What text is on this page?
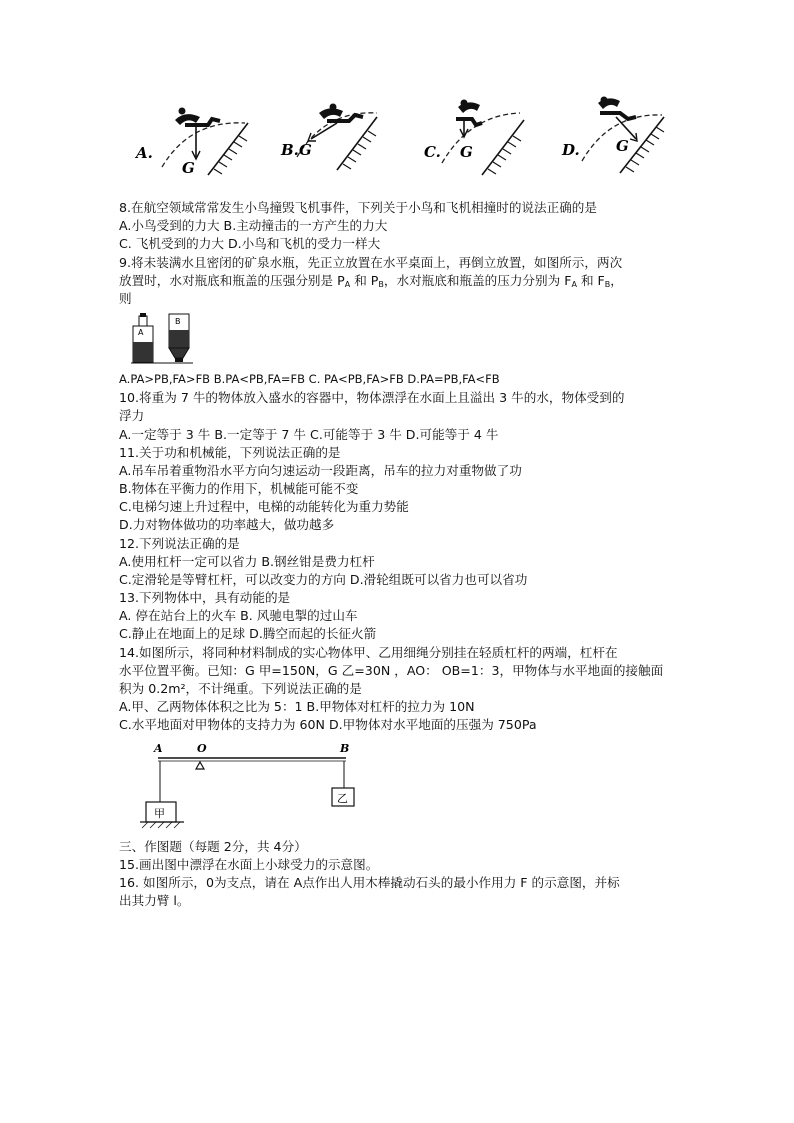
A.
G
B. G	C. G	D. G
8.在航空领域常常发生小鸟撞毁飞机事件，下列关于小鸟和飞机相撞时的说法正确的是
A.小鸟受到的力大 B.主动撞击的一方产生的力大
C. 飞机受到的力大 D.小鸟和飞机的受力一样大
9.将未装满水且密闭的矿泉水瓶，先正立放置在水平桌面上，再倒立放置，如图所示，两次
放置时，水对瓶底和瓶盖的压强分别是 $P_A$ 和 $P_B$，水对瓶底和瓶盖的压力分别为 $F_A$ 和 $F_B$，
则
A
B
A.PA>PB,FA>FB B.PA<PB,FA=FB C. PA<PB,FA>FB D.PA=PB,FA<FB
10.将重为 7 牛的物体放入盛水的容器中，物体漂浮在水面上且溢出 3 牛的水，物体受到的
浮力
A.一定等于 3 牛 B.一定等于 7 牛 C.可能等于 3 牛 D.可能等于 4 牛
11.关于功和机械能，下列说法正确的是
A.吊车吊着重物沿水平方向匀速运动一段距离，吊车的拉力对重物做了功
B.物体在平衡力的作用下，机械能可能不变
C.电梯匀速上升过程中，电梯的动能转化为重力势能
D.力对物体做功的功率越大，做功越多
12.下列说法正确的是
A.使用杠杆一定可以省力 B.钢丝钳是费力杠杆
C.定滑轮是等臂杠杆，可以改变力的方向 D.滑轮组既可以省力也可以省功
13.下列物体中，具有动能的是
A. 停在站台上的火车 B. 风驰电掣的过山车
C.静止在地面上的足球 D.腾空而起的长征火箭
14.如图所示，将同种材料制成的实心物体甲、乙用细绳分别挂在轻质杠杆的两端，杠杆在
水平位置平衡。已知：G 甲=150N，G 乙=30N ，AO： OB=1：3，甲物体与水平地面的接触面
积为 0.2m²，不计绳重。下列说法正确的是
A.甲、乙两物体体积之比为 5：1 B.甲物体对杠杆的拉力为 10N
C.水平地面对甲物体的支持力为 60N D.甲物体对水平地面的压强为 750Pa
A	O	B
甲
乙
三、作图题（每题 2分，共 4分）
15.画出图中漂浮在水面上小球受力的示意图。
16. 如图所示，0为支点，请在 A点作出人用木棒撬动石头的最小作用力 F 的示意图，并标
出其力臂 l。
